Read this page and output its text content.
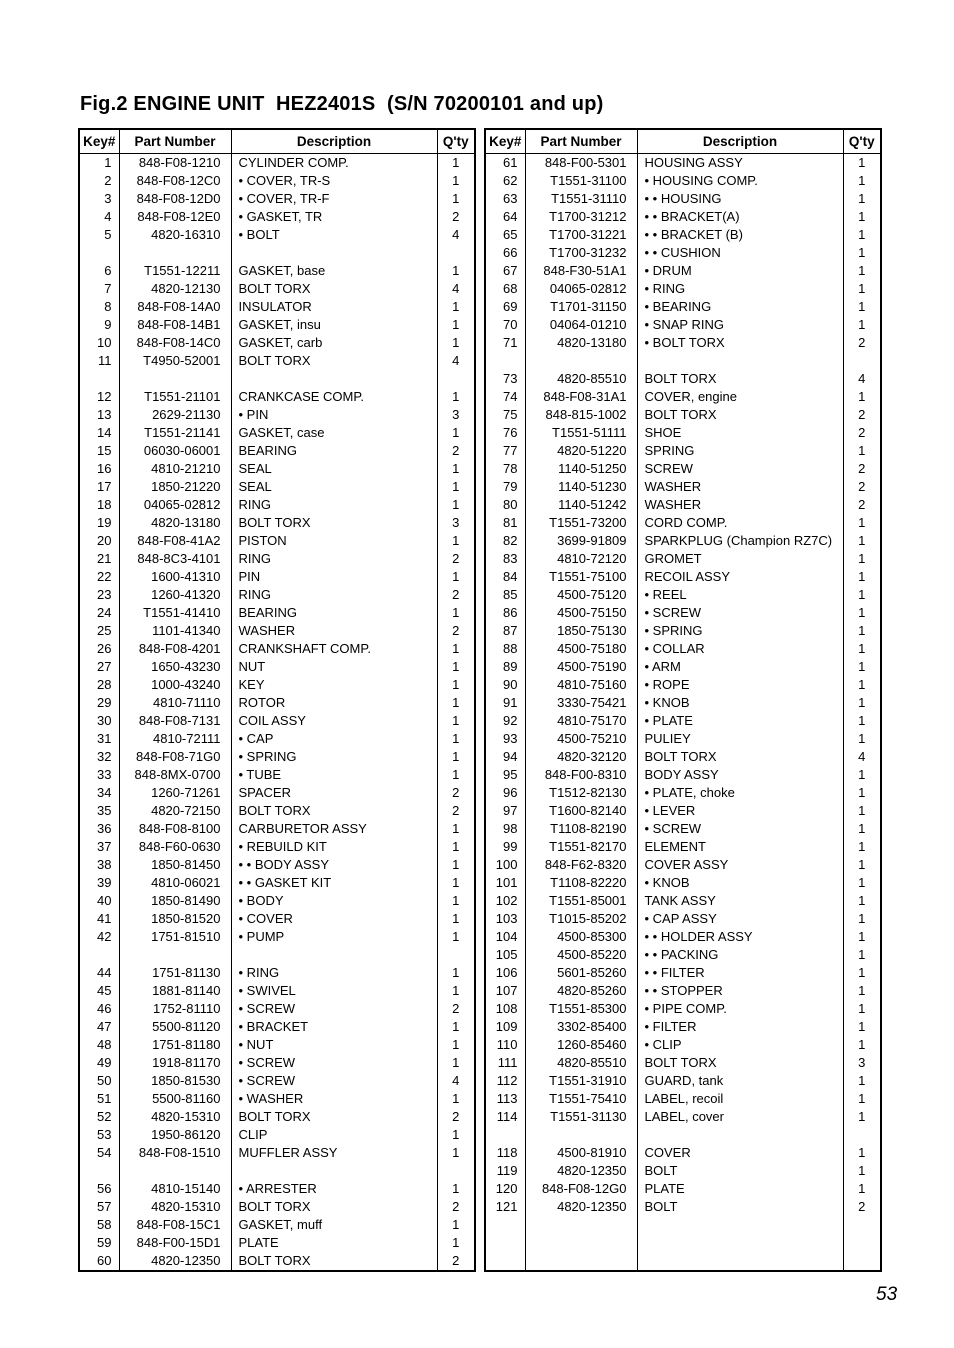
Fig.2 ENGINE UNIT  HEZ2401S  (S/N 70200101 and up)
Key#	Part Number	Description	Q'ty
1	848-F08-1210	CYLINDER COMP.	1
2	848-F08-12C0	• COVER, TR-S	1
3	848-F08-12D0	• COVER, TR-F	1
4	848-F08-12E0	• GASKET, TR	2
5	4820-16310	• BOLT	4

6	T1551-12211	GASKET, base	1
7	4820-12130	BOLT TORX	4
8	848-F08-14A0	INSULATOR	1
9	848-F08-14B1	GASKET, insu	1
10	848-F08-14C0	GASKET, carb	1
11	T4950-52001	BOLT TORX	4

12	T1551-21101	CRANKCASE COMP.	1
13	2629-21130	• PIN	3
14	T1551-21141	GASKET, case	1
15	06030-06001	BEARING	2
16	4810-21210	SEAL	1
17	1850-21220	SEAL	1
18	04065-02812	RING	1
19	4820-13180	BOLT TORX	3
20	848-F08-41A2	PISTON	1
21	848-8C3-4101	RING	2
22	1600-41310	PIN	1
23	1260-41320	RING	2
24	T1551-41410	BEARING	1
25	1101-41340	WASHER	2
26	848-F08-4201	CRANKSHAFT COMP.	1
27	1650-43230	NUT	1
28	1000-43240	KEY	1
29	4810-71110	ROTOR	1
30	848-F08-7131	COIL ASSY	1
31	4810-72111	• CAP	1
32	848-F08-71G0	• SPRING	1
33	848-8MX-0700	• TUBE	1
34	1260-71261	SPACER	2
35	4820-72150	BOLT TORX	2
36	848-F08-8100	CARBURETOR ASSY	1
37	848-F60-0630	• REBUILD KIT	1
38	1850-81450	• • BODY ASSY	1
39	4810-06021	• • GASKET KIT	1
40	1850-81490	• BODY	1
41	1850-81520	• COVER	1
42	1751-81510	• PUMP	1

44	1751-81130	• RING	1
45	1881-81140	• SWIVEL	1
46	1752-81110	• SCREW	2
47	5500-81120	• BRACKET	1
48	1751-81180	• NUT	1
49	1918-81170	• SCREW	1
50	1850-81530	• SCREW	4
51	5500-81160	• WASHER	1
52	4820-15310	BOLT TORX	2
53	1950-86120	CLIP	1
54	848-F08-1510	MUFFLER ASSY	1

56	4810-15140	• ARRESTER	1
57	4820-15310	BOLT TORX	2
58	848-F08-15C1	GASKET, muff	1
59	848-F00-15D1	PLATE	1
60	4820-12350	BOLT TORX	2
Key#	Part Number	Description	Q'ty
61	848-F00-5301	HOUSING ASSY	1
62	T1551-31100	• HOUSING COMP.	1
63	T1551-31110	• • HOUSING	1
64	T1700-31212	• • BRACKET(A)	1
65	T1700-31221	• • BRACKET (B)	1
66	T1700-31232	• • CUSHION	1
67	848-F30-51A1	• DRUM	1
68	04065-02812	• RING	1
69	T1701-31150	• BEARING	1
70	04064-01210	• SNAP RING	1
71	4820-13180	• BOLT TORX	2

73	4820-85510	BOLT TORX	4
74	848-F08-31A1	COVER, engine	1
75	848-815-1002	BOLT TORX	2
76	T1551-51111	SHOE	2
77	4820-51220	SPRING	1
78	1140-51250	SCREW	2
79	1140-51230	WASHER	2
80	1140-51242	WASHER	2
81	T1551-73200	CORD COMP.	1
82	3699-91809	SPARKPLUG (Champion RZ7C)	1
83	4810-72120	GROMET	1
84	T1551-75100	RECOIL ASSY	1
85	4500-75120	• REEL	1
86	4500-75150	• SCREW	1
87	1850-75130	• SPRING	1
88	4500-75180	• COLLAR	1
89	4500-75190	• ARM	1
90	4810-75160	• ROPE	1
91	3330-75421	• KNOB	1
92	4810-75170	• PLATE	1
93	4500-75210	PULIEY	1
94	4820-32120	BOLT TORX	4
95	848-F00-8310	BODY ASSY	1
96	T1512-82130	• PLATE, choke	1
97	T1600-82140	• LEVER	1
98	T1108-82190	• SCREW	1
99	T1551-82170	ELEMENT	1
100	848-F62-8320	COVER ASSY	1
101	T1108-82220	• KNOB	1
102	T1551-85001	TANK ASSY	1
103	T1015-85202	• CAP ASSY	1
104	4500-85300	• • HOLDER ASSY	1
105	4500-85220	• • PACKING	1
106	5601-85260	• • FILTER	1
107	4820-85260	• • STOPPER	1
108	T1551-85300	• PIPE COMP.	1
109	3302-85400	• FILTER	1
110	1260-85460	• CLIP	1
111	4820-85510	BOLT TORX	3
112	T1551-31910	GUARD, tank	1
113	T1551-75410	LABEL, recoil	1
114	T1551-31130	LABEL, cover	1

118	4500-81910	COVER	1
119	4820-12350	BOLT	1
120	848-F08-12G0	PLATE	1
121	4820-12350	BOLT	2

53
